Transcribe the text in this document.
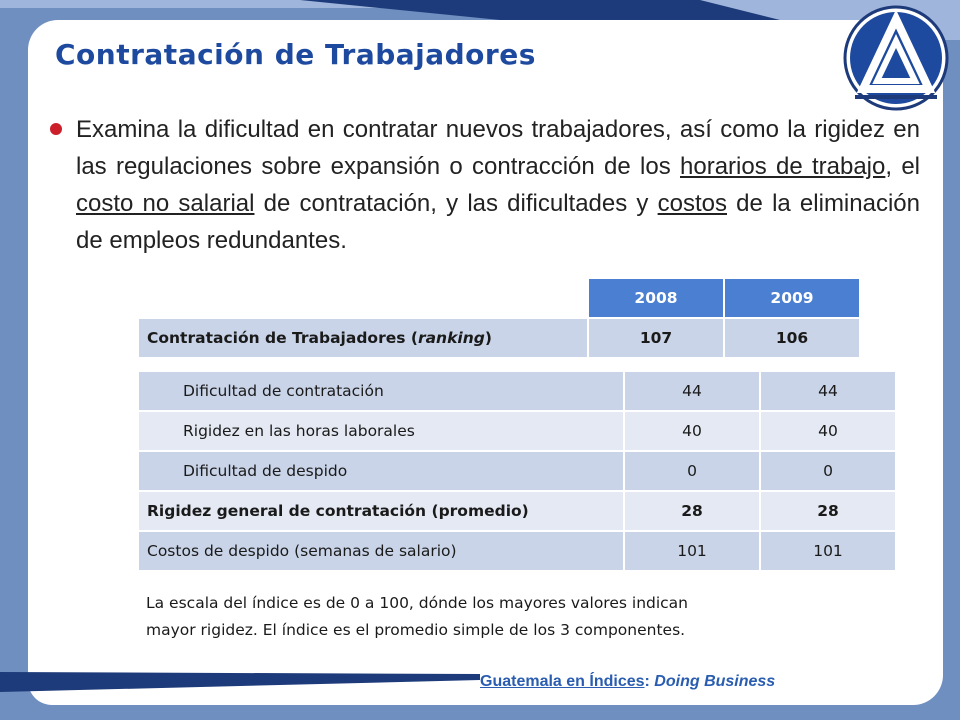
Contratación de Trabajadores

Examina la dificultad en contratar nuevos trabajadores, así como la rigidez en las regulaciones sobre expansión o contracción de los horarios de trabajo, el costo no salarial de contratación, y las dificultades y costos de la eliminación de empleos redundantes.

	2008	2009
Contratación de Trabajadores (ranking)	107	106
Dificultad de contratación	44	44
Rigidez en las horas laborales	40	40
Dificultad de despido	0	0
Rigidez general de contratación (promedio)	28	28
Costos de despido (semanas de salario)	101	101

La escala del índice es de 0 a 100, dónde los mayores valores indican
mayor rigidez. El índice es el promedio simple de los 3 componentes.

Guatemala en Índices: Doing Business
